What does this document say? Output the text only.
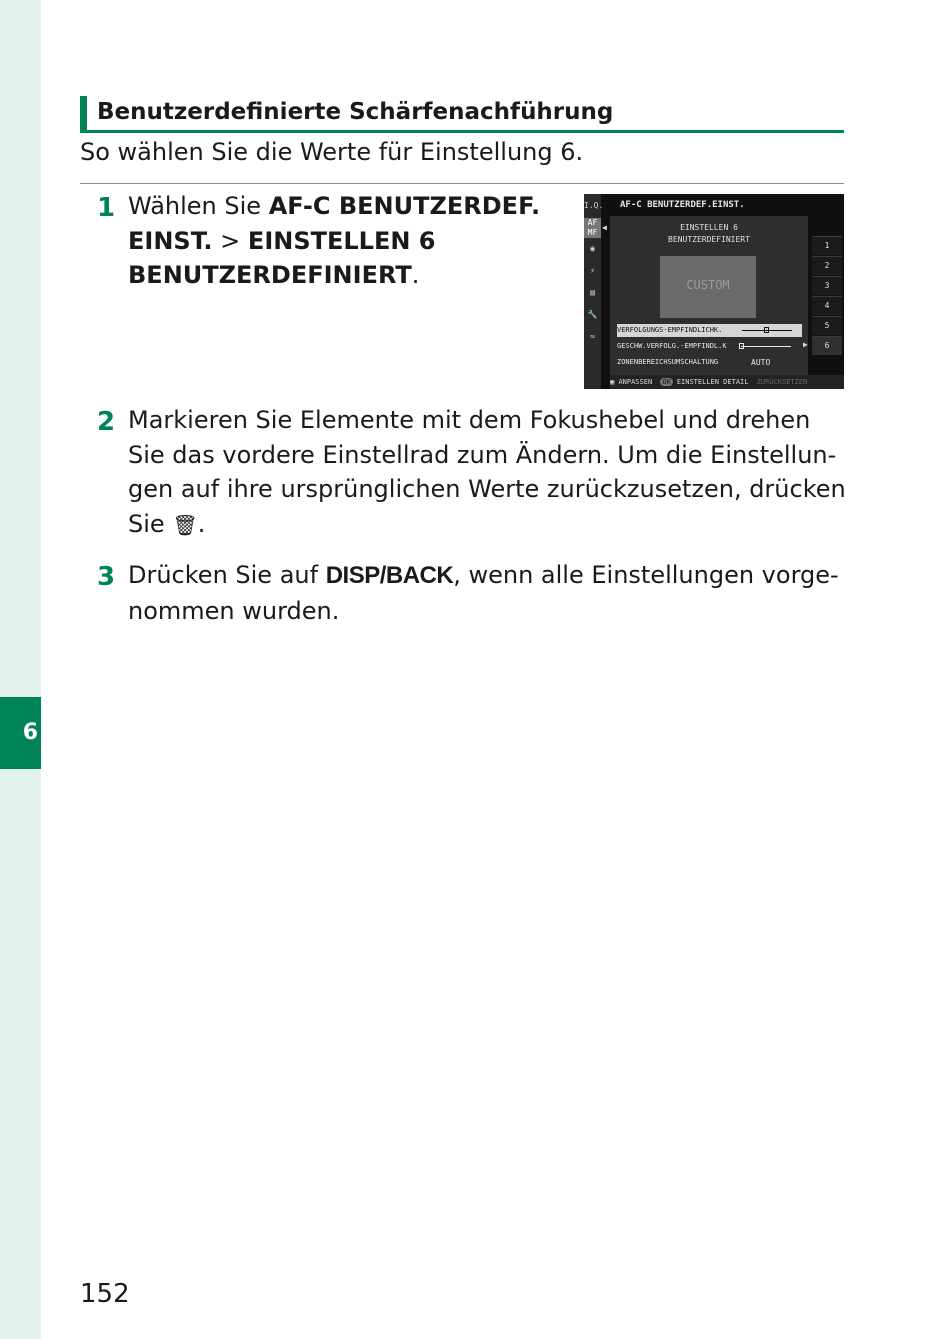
6
Benutzerdefinierte Schärfenachführung
So wählen Sie die Werte für Einstellung 6.
1 Wählen Sie AF-C BENUTZERDEF.
EINST. > EINSTELLEN 6
BENUTZERDEFINIERT.
I.Q.
AF MF
◉
⚡
▤
🔧
≈
AF-C BENUTZERDEF.EINST.
◀	EINSTELLEN 6
BENUTZERDEFINIERT
CUSTOM
VERFOLGUNGS-EMPFINDLICHK.
GESCHW.VERFOLG.-EMPFINDL.K
ZONENBEREICHSUMSCHALTUNG	AUTO
▶
1
2
3
4
5
6
▣ ANPASSEN OK EINSTELLEN DETAIL ZURÜCKSETZEN
2 Markieren Sie Elemente mit dem Fokushebel und drehen
Sie das vordere Einstellrad zum Ändern. Um die Einstellun-
gen auf ihre ursprünglichen Werte zurückzusetzen, drücken
Sie 🗑.
3 Drücken Sie auf DISP/BACK, wenn alle Einstellungen vorge-
nommen wurden.
152
